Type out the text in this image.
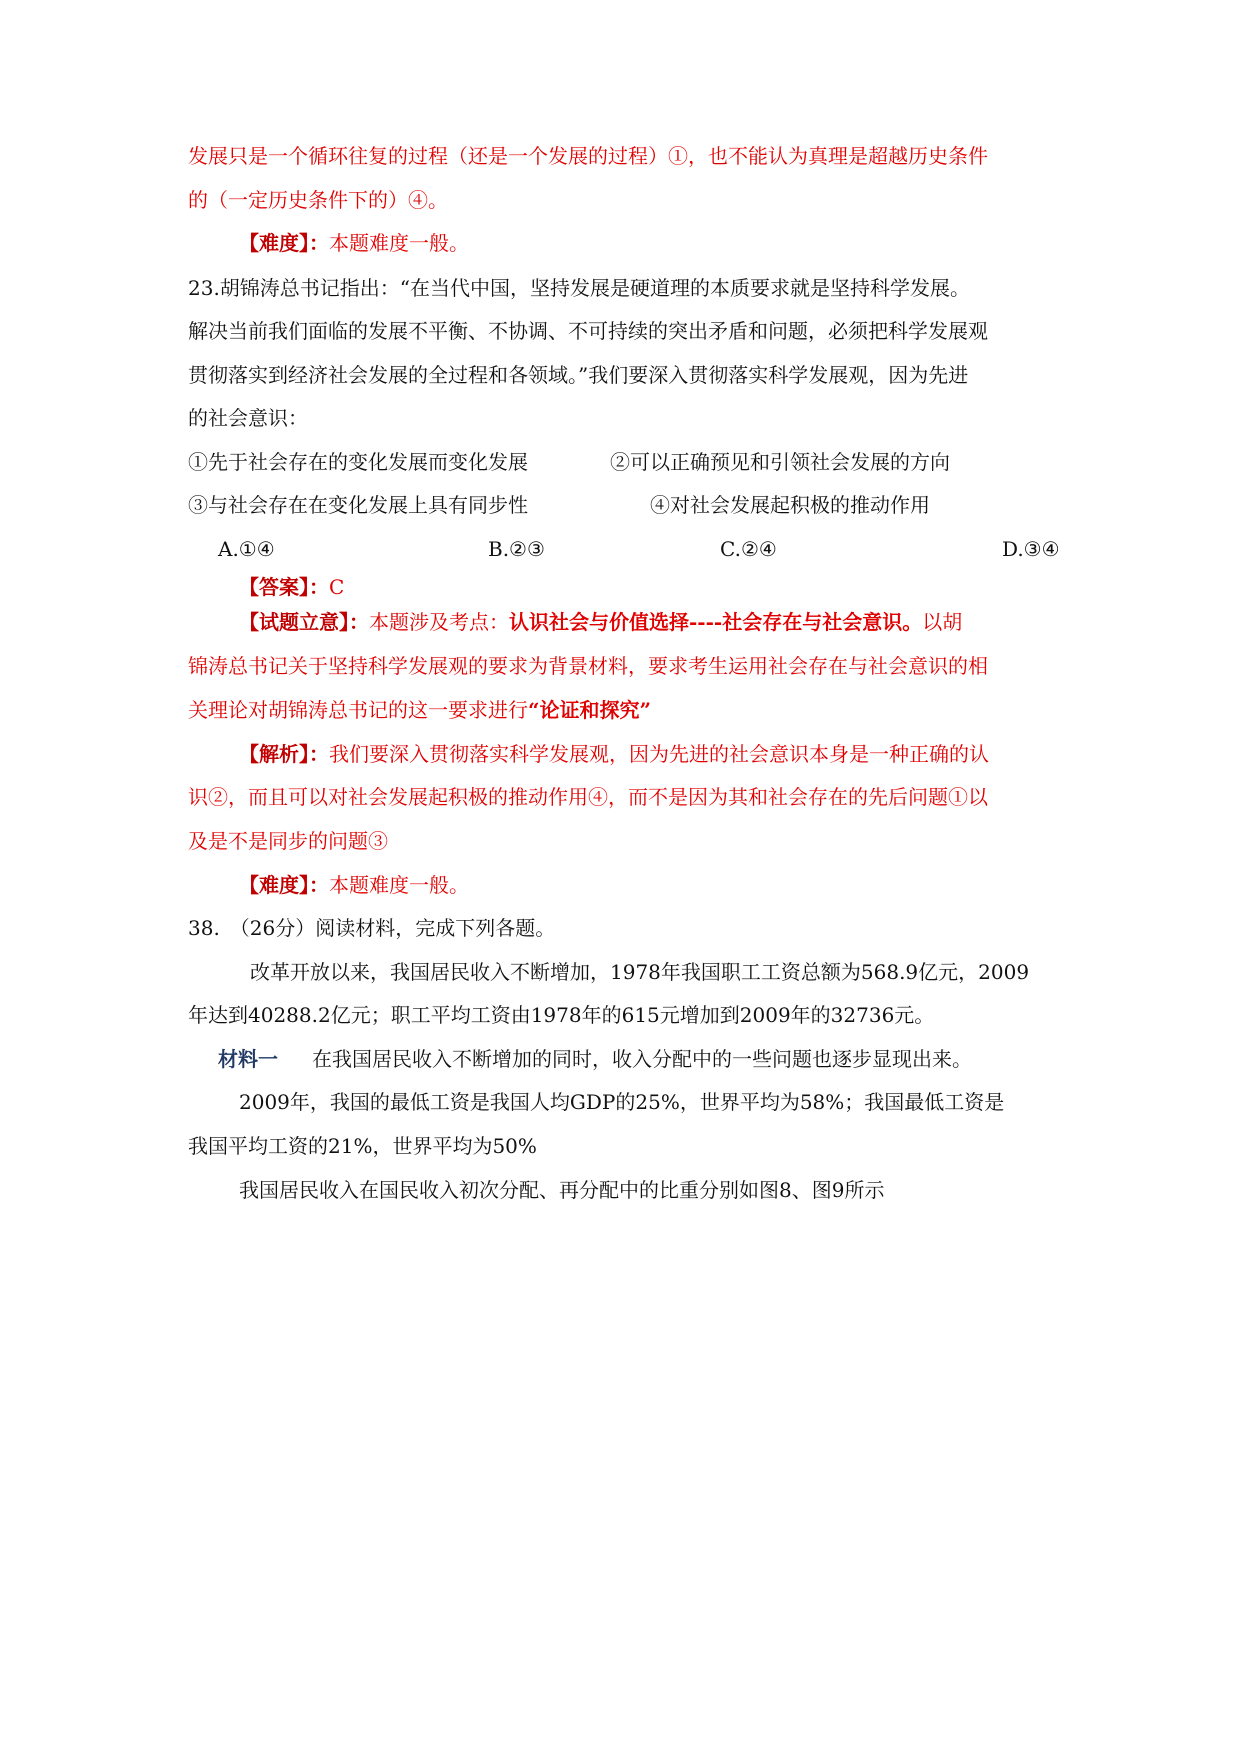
发展只是一个循环往复的过程（还是一个发展的过程）①，也不能认为真理是超越历史条件
的（一定历史条件下的）④。
【难度】：本题难度一般。
23.胡锦涛总书记指出：“在当代中国，坚持发展是硬道理的本质要求就是坚持科学发展。
解决当前我们面临的发展不平衡、不协调、不可持续的突出矛盾和问题，必须把科学发展观
贯彻落实到经济社会发展的全过程和各领域。”我们要深入贯彻落实科学发展观，因为先进
的社会意识：
①先于社会存在的变化发展而变化发展	②可以正确预见和引领社会发展的方向
③与社会存在在变化发展上具有同步性	④对社会发展起积极的推动作用
A.①④	B.②③	C.②④	D.③④
【答案】：C
【试题立意】：本题涉及考点：认识社会与价值选择----社会存在与社会意识。以胡
锦涛总书记关于坚持科学发展观的要求为背景材料，要求考生运用社会存在与社会意识的相
关理论对胡锦涛总书记的这一要求进行“论证和探究”
【解析】：我们要深入贯彻落实科学发展观，因为先进的社会意识本身是一种正确的认
识②，而且可以对社会发展起积极的推动作用④，而不是因为其和社会存在的先后问题①以
及是不是同步的问题③
【难度】：本题难度一般。
38.　（26分）阅读材料，完成下列各题。
改革开放以来，我国居民收入不断增加，1978年我国职工工资总额为568.9亿元，2009
年达到40288.2亿元；职工平均工资由1978年的615元增加到2009年的32736元。
材料一 在我国居民收入不断增加的同时，收入分配中的一些问题也逐步显现出来。
2009年，我国的最低工资是我国人均GDP的25%，世界平均为58%；我国最低工资是
我国平均工资的21%，世界平均为50%
我国居民收入在国民收入初次分配、再分配中的比重分别如图8、图9所示
